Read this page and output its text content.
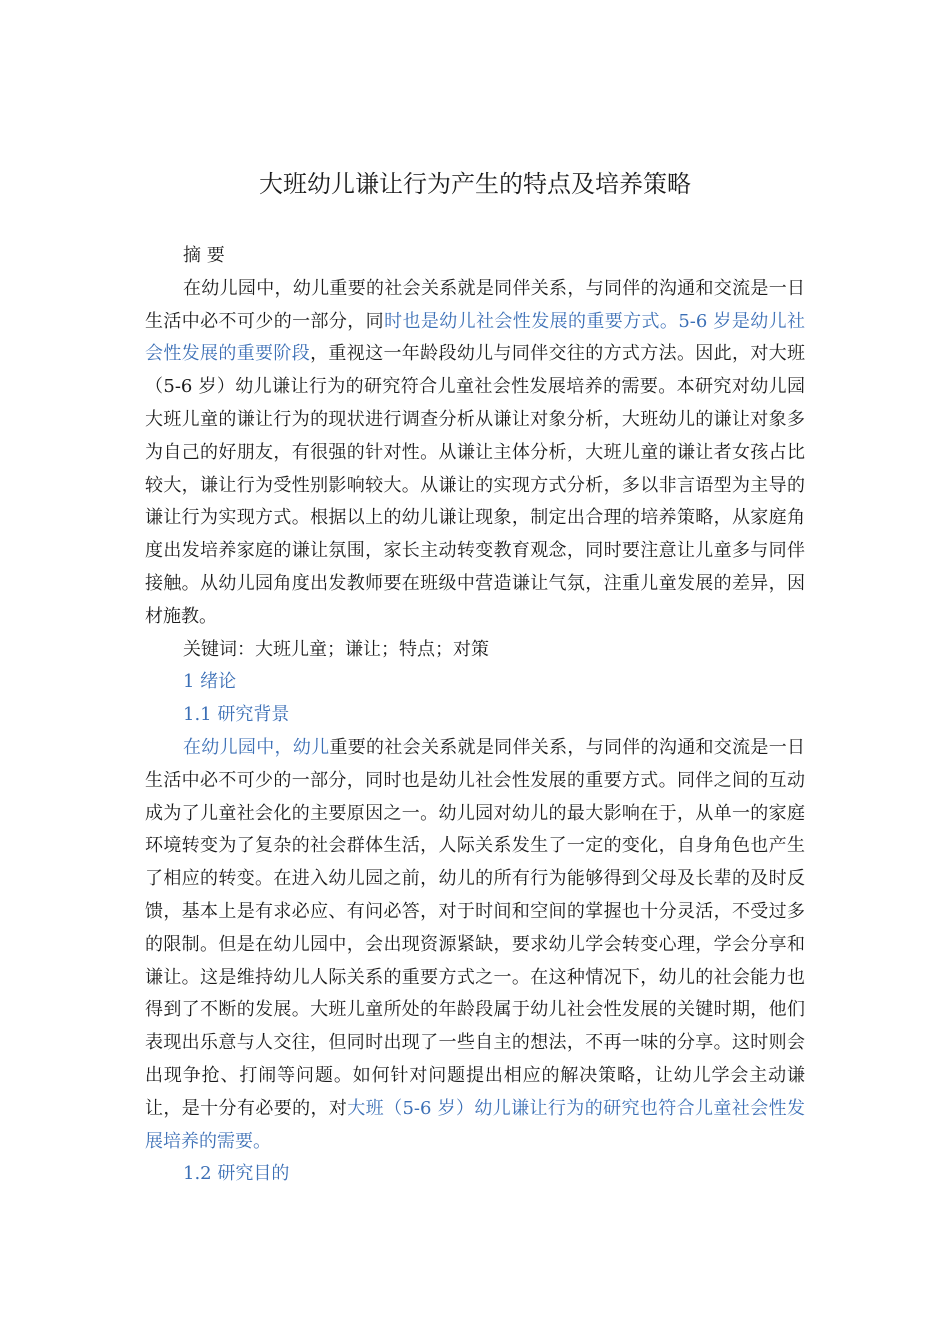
大班幼儿谦让行为产生的特点及培养策略

摘 要

在幼儿园中，幼儿重要的社会关系就是同伴关系，与同伴的沟通和交流是一日生活中必不可少的一部分，同时也是幼儿社会性发展的重要方式。5-6 岁是幼儿社会性发展的重要阶段，重视这一年龄段幼儿与同伴交往的方式方法。因此，对大班（5-6 岁）幼儿谦让行为的研究符合儿童社会性发展培养的需要。本研究对幼儿园大班儿童的谦让行为的现状进行调查分析从谦让对象分析，大班幼儿的谦让对象多为自己的好朋友，有很强的针对性。从谦让主体分析，大班儿童的谦让者女孩占比较大，谦让行为受性别影响较大。从谦让的实现方式分析，多以非言语型为主导的谦让行为实现方式。根据以上的幼儿谦让现象，制定出合理的培养策略，从家庭角度出发培养家庭的谦让氛围，家长主动转变教育观念，同时要注意让儿童多与同伴接触。从幼儿园角度出发教师要在班级中营造谦让气氛，注重儿童发展的差异，因材施教。

关键词：大班儿童；谦让；特点；对策

1 绪论

1.1 研究背景

在幼儿园中，幼儿重要的社会关系就是同伴关系，与同伴的沟通和交流是一日生活中必不可少的一部分，同时也是幼儿社会性发展的重要方式。同伴之间的互动成为了儿童社会化的主要原因之一。幼儿园对幼儿的最大影响在于，从单一的家庭环境转变为了复杂的社会群体生活，人际关系发生了一定的变化，自身角色也产生了相应的转变。在进入幼儿园之前，幼儿的所有行为能够得到父母及长辈的及时反馈，基本上是有求必应、有问必答，对于时间和空间的掌握也十分灵活，不受过多的限制。但是在幼儿园中，会出现资源紧缺，要求幼儿学会转变心理，学会分享和谦让。这是维持幼儿人际关系的重要方式之一。在这种情况下，幼儿的社会能力也得到了不断的发展。大班儿童所处的年龄段属于幼儿社会性发展的关键时期，他们表现出乐意与人交往，但同时出现了一些自主的想法，不再一味的分享。这时则会出现争抢、打闹等问题。如何针对问题提出相应的解决策略，让幼儿学会主动谦让，是十分有必要的，对大班（5-6 岁）幼儿谦让行为的研究也符合儿童社会性发展培养的需要。

1.2 研究目的
